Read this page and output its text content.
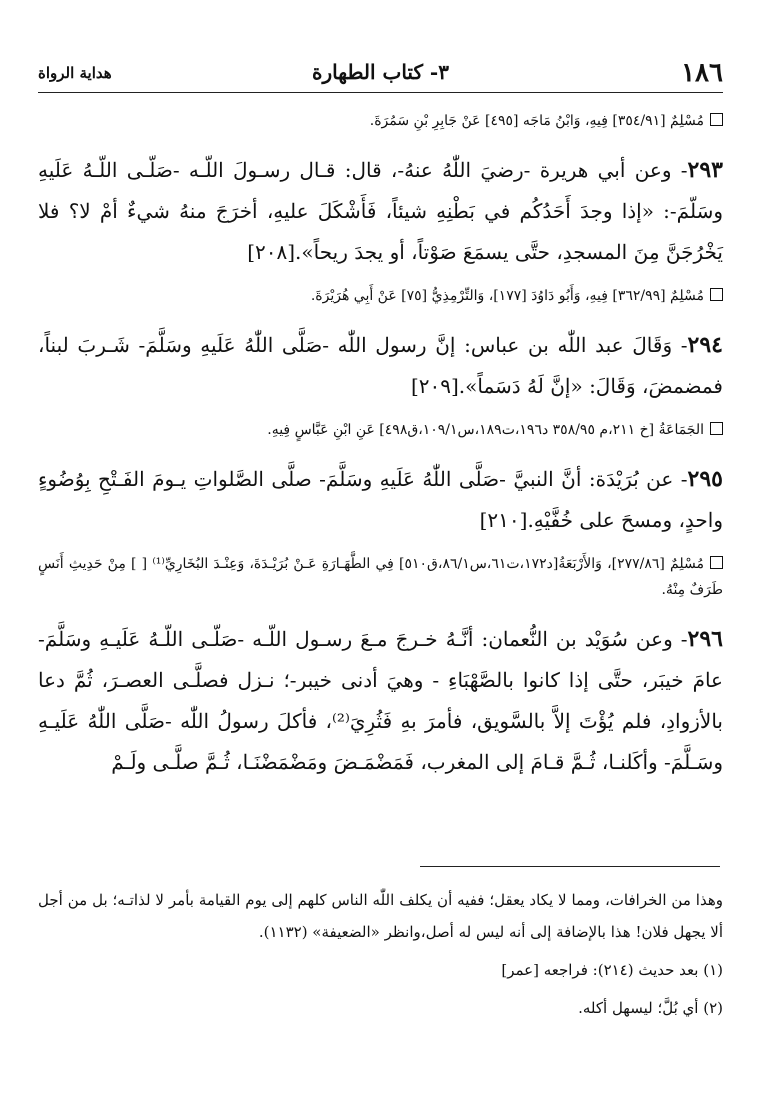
١٨٦
٣- كتاب الطهارة
هداية الرواة

مُسْلِمٌ [٣٥٤/٩١] فِيهِ، وَابْنُ مَاجَه [٤٩٥] عَنْ جَابِرِ بْنِ سَمُرَةَ.

٢٩٣- وعن أبي هريرة -رضيَ اللّٰهُ عنهُ-، قال: قـال رسـولَ اللّـه -صَلّـى اللّـهُ عَلَيهِ وسَلّمَ-: «إذا وجدَ أَحَدُكُم في بَطْنِهِ شيئاً، فَأَشْكَلَ عليهِ، أخرَجَ منهُ شيءٌ أمْ لا؟ فلا يَخْرُجَنَّ مِنَ المسجدِ، حتَّى يسمَعَ صَوْتاً، أو يجدَ ريحاً».[٢٠٨]

مُسْلِمٌ [٣٦٢/٩٩] فِيهِ، وَأَبُو دَاوُدَ [١٧٧]، وَالتِّرْمِذِيُّ [٧٥] عَنْ أَبِي هُرَيْرَةَ.

٢٩٤- وَقَالَ عبد اللّٰه بن عباس: إنَّ رسول اللّٰه -صَلَّى اللّٰهُ عَلَيهِ وسَلَّمَ- شَـربَ لبناً، فمضمضَ، وَقَالَ: «إنَّ لَهُ دَسَماً».[٢٠٩]

الجَمَاعَةُ [خ ٢١١،م ٣٥٨/٩٥ د١٩٦،ت١٨٩،س١٠٩/١،ق٤٩٨] عَنِ ابْنِ عَبَّاسٍ فِيهِ.

٢٩٥- عن بُرَيْدَة: أنَّ النبيَّ -صَلَّى اللّٰهُ عَلَيهِ وسَلَّمَ- صلَّى الصَّلواتِ يـومَ الفَـتْحِ بِوُضُوءٍ واحدٍ، ومسحَ على خُفَّيْهِ.[٢١٠]

مُسْلِمٌ [٢٧٧/٨٦]، وَالأَرْبَعَةُ[د١٧٢،ت٦١،س٨٦/١،ق٥١٠] فِي الطَّهَـارَةِ عَـنْ بُرَيْـدَةَ، وَعِنْـدَ البُخَارِيِّ⁽¹⁾ [ ] مِنْ حَدِيثِ أَنَسٍ طَرَفٌ مِنْهُ.

٢٩٦- وعن سُوَيْد بن النُّعمان: أنَّـهُ خـرجَ مـعَ رسـول اللّـه -صَلّـى اللّـهُ عَلَيـهِ وسَلَّمَ- عامَ خيبَر، حتَّى إذا كانوا بالصَّهْبَاءِ - وهيَ أدنى خيبر-؛ نـزل فصلَّـى العصـرَ، ثُمَّ دعا بالأزوادِ، فلم يُؤْتَ إلاَّ بالسَّويق، فأمرَ بهِ فَثُرِيَ⁽²⁾، فأكلَ رسولُ اللّٰه -صَلَّى اللّٰهُ عَلَيـهِ وسَـلَّمَ- وأكَلنـا، ثُـمَّ قـامَ إلى المغرب، فَمَضْمَـضَ ومَضْمَضْنَـا، ثُـمَّ صلَّـى ولَـمْ

وهذا من الخرافات، ومما لا يكاد يعقل؛ ففيه أن يكلف اللّٰه الناس كلهم إلى يوم القيامة بأمر لا لذاتـه؛ بل من أجل ألا يجهل فلان! هذا بالإضافة إلى أنه ليس له أصل،وانظر «الضعيفة» (١١٣٢).

(١) بعد حديث (٢١٤): فراجعه [عمر]

(٢) أي بُلَّ؛ ليسهل أكله.
